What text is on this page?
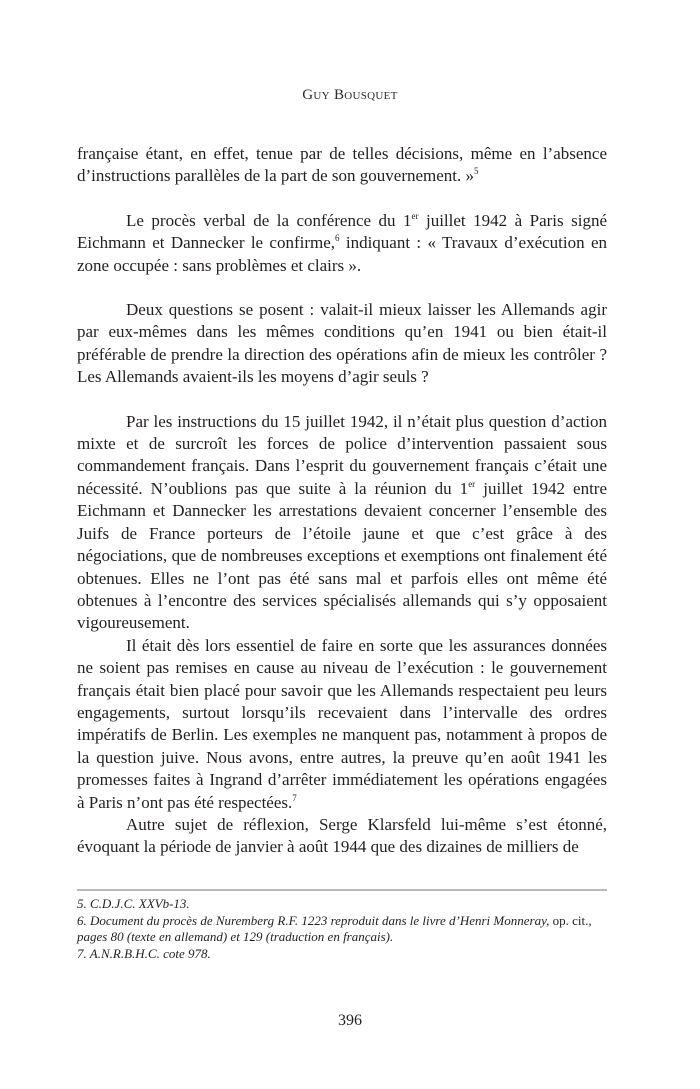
Guy Bousquet

française étant, en effet, tenue par de telles décisions, même en l’absence d’instructions parallèles de la part de son gouvernement. »$^5$

Le procès verbal de la conférence du 1er juillet 1942 à Paris signé Eichmann et Dannecker le confirme,$^6$ indiquant : « Travaux d’exécution en zone occupée : sans problèmes et clairs ».

Deux questions se posent : valait-il mieux laisser les Allemands agir par eux-mêmes dans les mêmes conditions qu’en 1941 ou bien était-il préférable de prendre la direction des opérations afin de mieux les contrôler ? Les Allemands avaient-ils les moyens d’agir seuls ?

Par les instructions du 15 juillet 1942, il n’était plus question d’action mixte et de surcroît les forces de police d’intervention passaient sous commandement français. Dans l’esprit du gouvernement français c’était une nécessité. N’oublions pas que suite à la réunion du 1er juillet 1942 entre Eichmann et Dannecker les arrestations devaient concerner l’ensemble des Juifs de France porteurs de l’étoile jaune et que c’est grâce à des négociations, que de nombreuses exceptions et exemptions ont finalement été obtenues. Elles ne l’ont pas été sans mal et parfois elles ont même été obtenues à l’encontre des services spécialisés allemands qui s’y opposaient vigoureusement.

Il était dès lors essentiel de faire en sorte que les assurances données ne soient pas remises en cause au niveau de l’exécution : le gouvernement français était bien placé pour savoir que les Allemands respectaient peu leurs engagements, surtout lorsqu’ils recevaient dans l’intervalle des ordres impératifs de Berlin. Les exemples ne manquent pas, notamment à propos de la question juive. Nous avons, entre autres, la preuve qu’en août 1941 les promesses faites à Ingrand d’arrêter immédiatement les opérations engagées à Paris n’ont pas été respectées.$^7$

Autre sujet de réflexion, Serge Klarsfeld lui-même s’est étonné, évoquant la période de janvier à août 1944 que des dizaines de milliers de

5. C.D.J.C. XXVb-13.

6. Document du procès de Nuremberg R.F. 1223 reproduit dans le livre d’Henri Monneray, op. cit.,
pages 80 (texte en allemand) et 129 (traduction en français).

7. A.N.R.B.H.C. cote 978.

396
